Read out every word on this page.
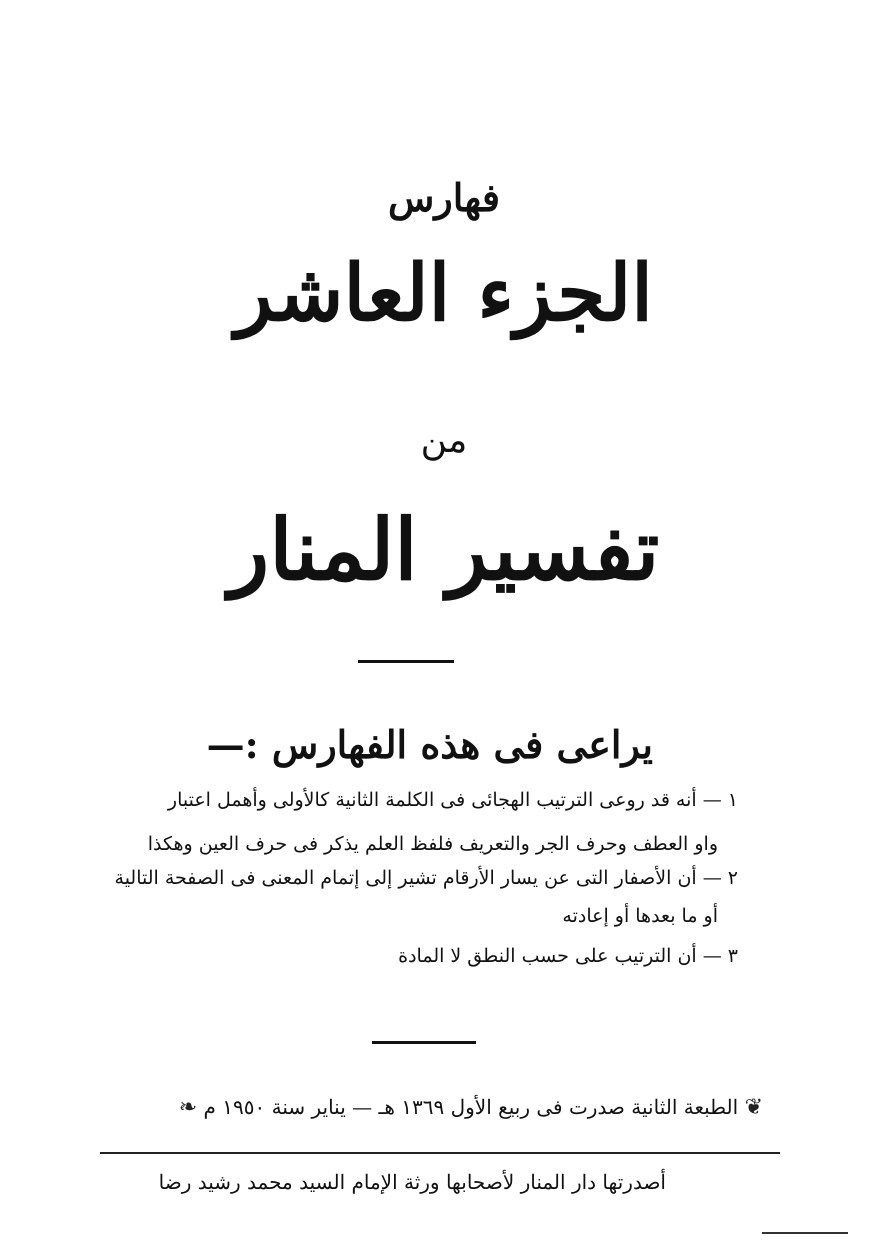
فهارس
الجزء العاشر
من
تفسير المنار
يراعى فى هذه الفهارس :—
١ — أنه قد روعى الترتيب الهجائى فى الكلمة الثانية كالأولى وأهمل اعتبار
واو العطف وحرف الجر والتعريف فلفظ العلم يذكر فى حرف العين وهكذا
٢ — أن الأصفار التى عن يسار الأرقام تشير إلى إتمام المعنى فى الصفحة التالية
أو ما بعدها أو إعادته
٣ — أن الترتيب على حسب النطق لا المادة
❦ الطبعة الثانية صدرت فى ربيع الأول ١٣٦٩ هـ — يناير سنة ١٩٥٠ م ❧
أصدرتها دار المنار لأصحابها ورثة الإمام السيد محمد رشيد رضا
